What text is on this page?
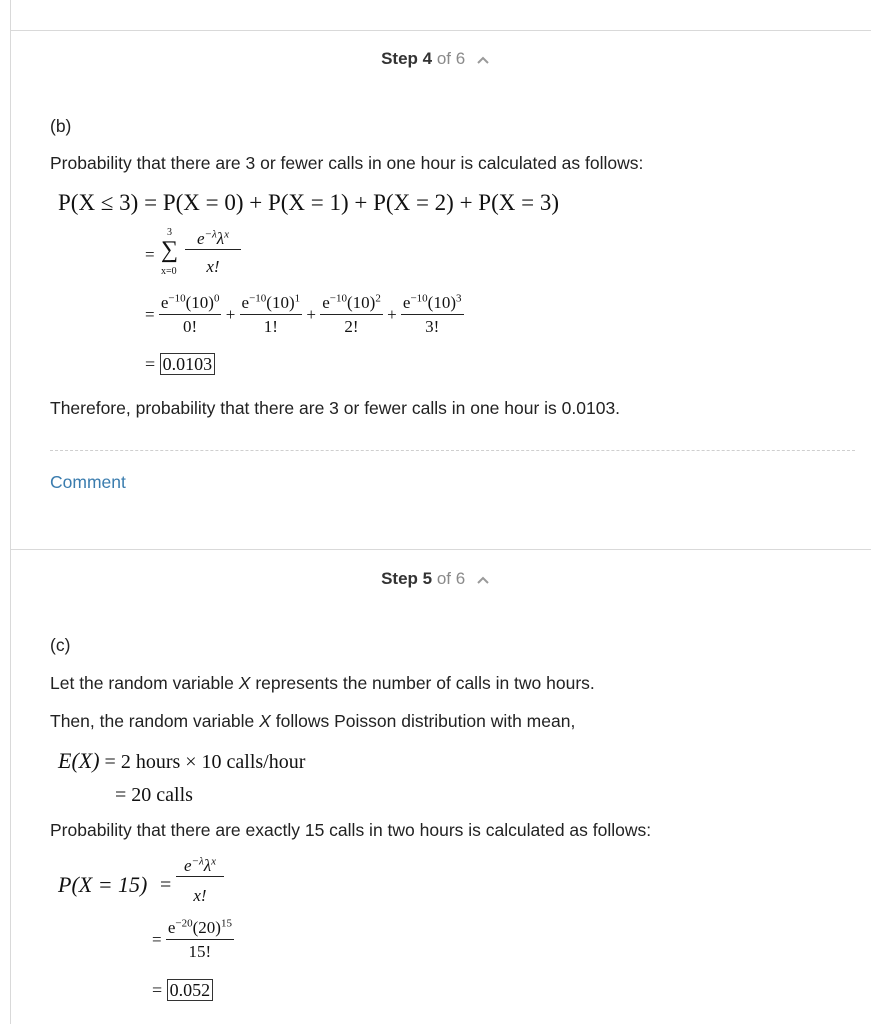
Step 4 of 6
(b)
Probability that there are 3 or fewer calls in one hour is calculated as follows:
P(X ≤ 3) = P(X = 0) + P(X = 1) + P(X = 2) + P(X = 3)
=
3
∑
x=0
$e^{-\lambda}\lambda^x$
x!
= $\frac{e^{-10}(10)^0}{0!} + \frac{e^{-10}(10)^1}{1!} + \frac{e^{-10}(10)^2}{2!} + \frac{e^{-10}(10)^3}{3!}$
= 0.0103
Therefore, probability that there are 3 or fewer calls in one hour is 0.0103.
Comment
Step 5 of 6
(c)
Let the random variable X represents the number of calls in two hours.
Then, the random variable X follows Poisson distribution with mean,
E(X) = 2 hours × 10 calls/hour
= 20 calls
Probability that there are exactly 15 calls in two hours is calculated as follows:
P(X = 15) =
$e^{-\lambda}\lambda^x$
x!
= $\frac{e^{-20}(20)^{15}}{15!}$
= 0.052
